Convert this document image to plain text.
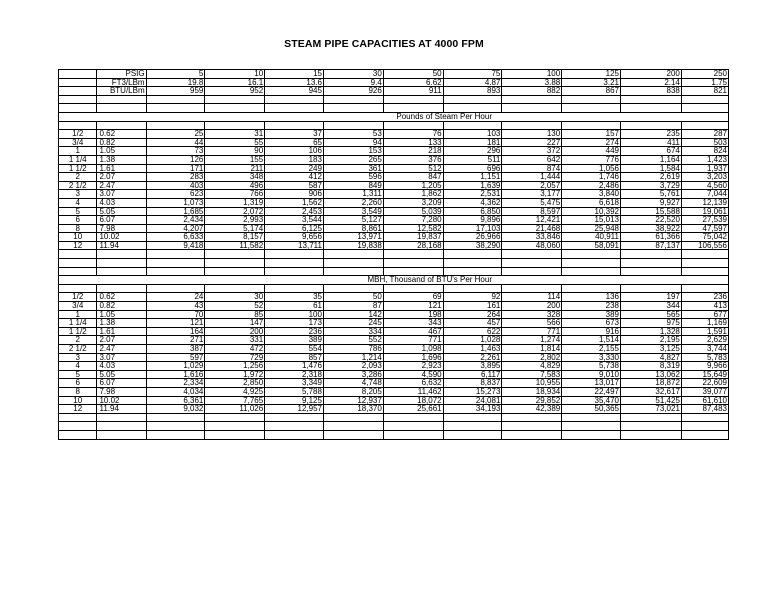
STEAM PIPE CAPACITIES AT 4000 FPM
	PSIG	5	10	15	30	50	75	100	125	200	250
	FT3/LBm	19.8	16.1	13.6	9.4	6.62	4.87	3.88	3.21	2.14	1.75
	BTU/LBm	959	952	945	926	911	893	882	867	838	821

Pounds of Steam Per Hour											

1/2	0.62	25	31	37	53	76	103	130	157	235	287
3/4	0.82	44	55	65	94	133	181	227	274	411	503
1	1.05	73	90	106	153	218	296	372	449	674	824
1 1/4	1.38	126	155	183	265	376	511	642	776	1,164	1,423
1 1/2	1.61	171	211	249	361	512	696	874	1,056	1,584	1,937
2	2.07	283	348	412	596	847	1,151	1,444	1,746	2,619	3,203
2 1/2	2.47	403	496	587	849	1,205	1,639	2,057	2,486	3,729	4,560
3	3.07	623	766	906	1,311	1,862	2,531	3,177	3,840	5,761	7,044
4	4.03	1,073	1,319	1,562	2,260	3,209	4,362	5,475	6,618	9,927	12,139
5	5.05	1,685	2,072	2,453	3,549	5,039	6,850	8,597	10,392	15,588	19,061
6	6.07	2,434	2,993	3,544	5,127	7,280	9,896	12,421	15,013	22,520	27,539
8	7.98	4,207	5,174	6,125	8,861	12,582	17,103	21,468	25,948	38,922	47,597
10	10.02	6,633	8,157	9,656	13,971	19,837	26,966	33,846	40,911	61,366	75,042
12	11.94	9,418	11,582	13,711	19,838	28,168	38,290	48,060	58,091	87,137	106,556

MBH, Thousand of BTU's Per Hour											

1/2	0.62	24	30	35	50	69	92	114	136	197	236
3/4	0.82	43	52	61	87	121	161	200	238	344	413
1	1.05	70	85	100	142	198	264	328	389	565	677
1 1/4	1.38	121	147	173	245	343	457	566	673	975	1,169
1 1/2	1.61	164	200	236	334	467	622	771	916	1,328	1,591
2	2.07	271	331	389	552	771	1,028	1,274	1,514	2,195	2,629
2 1/2	2.47	387	472	554	786	1,098	1,463	1,814	2,155	3,125	3,744
3	3.07	597	729	857	1,214	1,696	2,261	2,802	3,330	4,827	5,783
4	4.03	1,029	1,256	1,476	2,093	2,923	3,895	4,829	5,738	8,319	9,966
5	5.05	1,616	1,972	2,318	3,286	4,590	6,117	7,583	9,010	13,062	15,649
6	6.07	2,334	2,850	3,349	4,748	6,632	8,837	10,955	13,017	18,872	22,609
8	7.98	4,034	4,925	5,788	8,205	11,462	15,273	18,934	22,497	32,617	39,077
10	10.02	6,361	7,765	9,125	12,937	18,072	24,081	29,852	35,470	51,425	61,610
12	11.94	9,032	11,026	12,957	18,370	25,661	34,193	42,389	50,365	73,021	87,483
